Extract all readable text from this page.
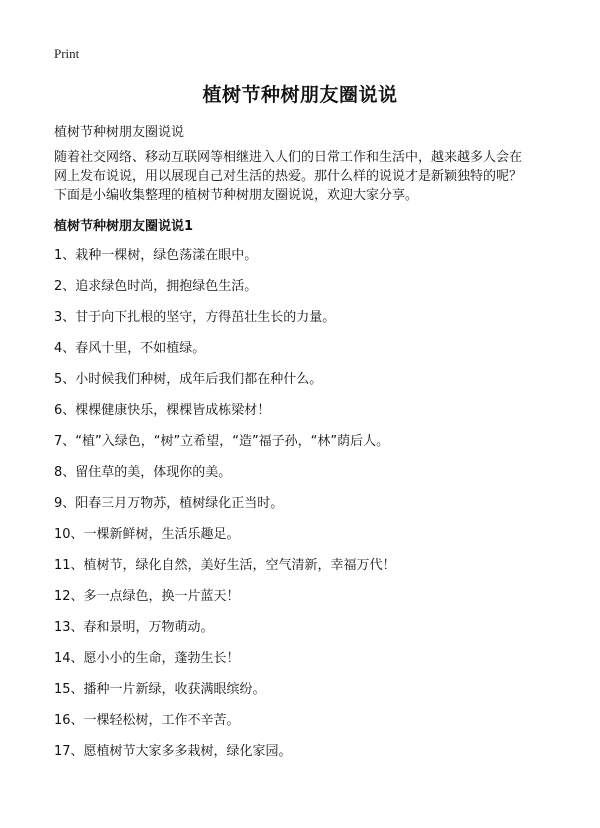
Print
植树节种树朋友圈说说
植树节种树朋友圈说说
随着社交网络、移动互联网等相继进入人们的日常工作和生活中，越来越多人会在
网上发布说说，用以展现自己对生活的热爱。那什么样的说说才是新颖独特的呢？
下面是小编收集整理的植树节种树朋友圈说说，欢迎大家分享。
植树节种树朋友圈说说1
1、栽种一棵树，绿色荡漾在眼中。
2、追求绿色时尚，拥抱绿色生活。
3、甘于向下扎根的坚守，方得茁壮生长的力量。
4、春风十里，不如植绿。
5、小时候我们种树，成年后我们都在种什么。
6、棵棵健康快乐，棵棵皆成栋梁材！
7、“植”入绿色，“树”立希望，“造”福子孙，“林”荫后人。
8、留住草的美，体现你的美。
9、阳春三月万物苏，植树绿化正当时。
10、一棵新鲜树，生活乐趣足。
11、植树节，绿化自然，美好生活，空气清新，幸福万代！
12、多一点绿色，换一片蓝天！
13、春和景明，万物萌动。
14、愿小小的生命，蓬勃生长！
15、播种一片新绿，收获满眼缤纷。
16、一棵轻松树，工作不辛苦。
17、愿植树节大家多多栽树，绿化家园。
